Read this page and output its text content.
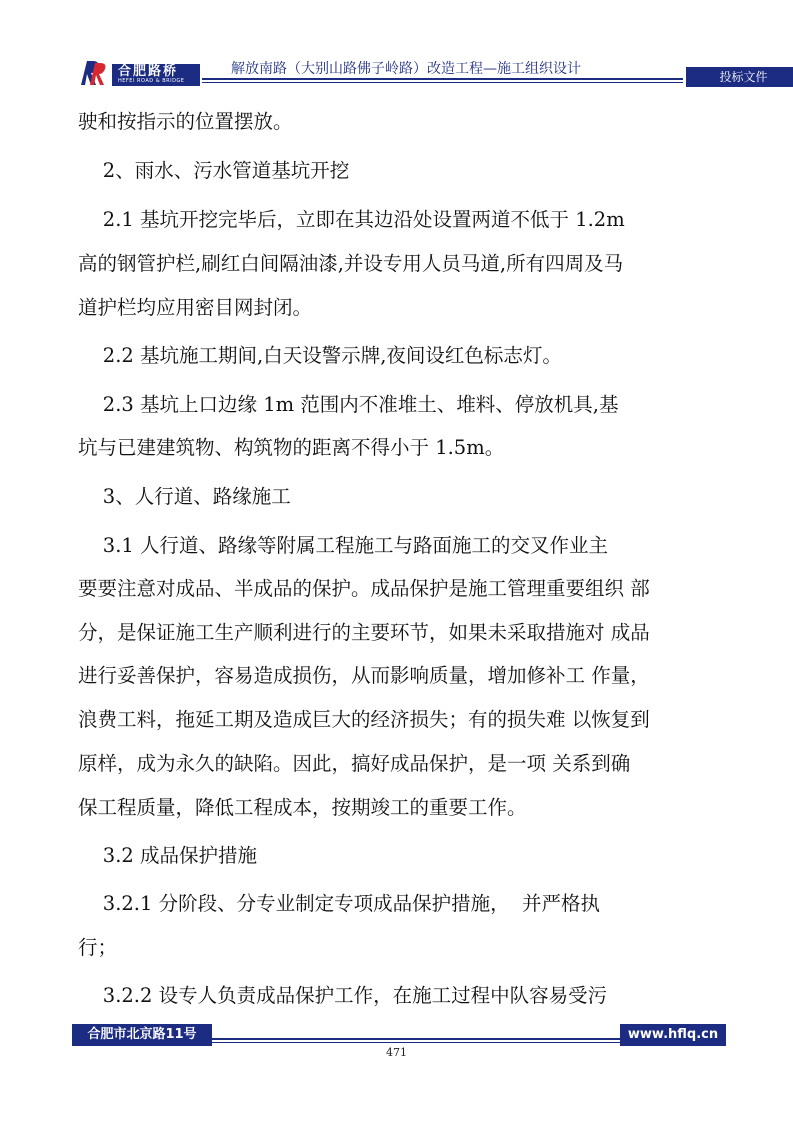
合肥路桥
HEFEI ROAD & BRIDGE
解放南路（大别山路佛子岭路）改造工程—施工组织设计	投标文件
驶和按指示的位置摆放。
2、雨水、污水管道基坑开挖
2.1 基坑开挖完毕后，立即在其边沿处设置两道不低于 1.2m
高的钢管护栏,刷红白间隔油漆,并设专用人员马道,所有四周及马
道护栏均应用密目网封闭。
2.2 基坑施工期间,白天设警示牌,夜间设红色标志灯。
2.3 基坑上口边缘 1m 范围内不准堆土、堆料、停放机具,基
坑与已建建筑物、构筑物的距离不得小于 1.5m。
3、人行道、路缘施工
3.1 人行道、路缘等附属工程施工与路面施工的交叉作业主
要要注意对成品、半成品的保护。成品保护是施工管理重要组织 部
分，是保证施工生产顺利进行的主要环节，如果未采取措施对 成品
进行妥善保护，容易造成损伤，从而影响质量，增加修补工 作量，
浪费工料，拖延工期及造成巨大的经济损失；有的损失难 以恢复到
原样，成为永久的缺陷。因此，搞好成品保护，是一项 关系到确
保工程质量，降低工程成本，按期竣工的重要工作。
3.2 成品保护措施
3.2.1 分阶段、分专业制定专项成品保护措施，  并严格执
行；
3.2.2 设专人负责成品保护工作，在施工过程中队容易受污
合肥市北京路11号	www.hflq.cn
471
